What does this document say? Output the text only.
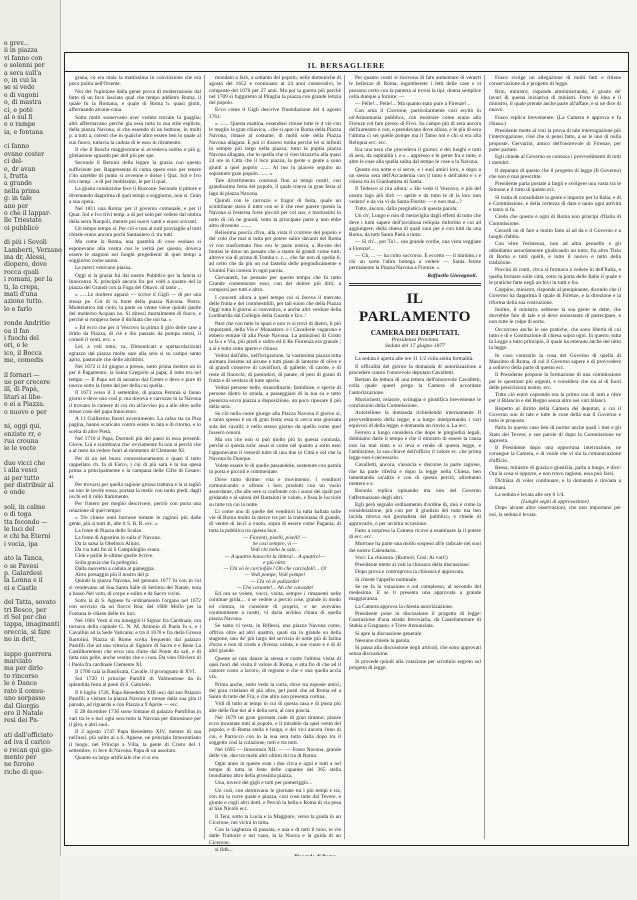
e grev...
ii in piazza
vi fanno con
e solenni per
a sera sull'a
o, in cui la
se si vede
e di vagoni
o, di mastra
ci, e potè
al o sul fi
e o rampe
ia, e fontana
ci fanno
ovano coster
ci del-
e, dr avan
i, frutta
a grande
nella prima
g: in tale
ano per
o che il lappar-
lle Triestate
oi pubblicò
di più i Sovoli
Lamberti, Verzano
ina dr, Alessi,
diopero, dove
rocca quali
i romani, per la
ti, la crepa,
mati d'una
azione tutto.
lo e farlo
ronde Andritio
oa il fan
i fuochi del
ori, e le
ico, il Bocca
me, comedis
il fornari —
ue per crecere
ill, di Papà,
litari ai libe-
e ei a Piazza.
o nuovo e per
ni, oggi qui,
enziste rr, e
rua crouna
ie le vocte
due vicci che
i alla vesci
ai per tutto
per distribuir al
e onde
soli, in calme
o di toga
tta fecondo —
le luci del
e chi ha Eterni
i vocia, ipa
ato la Tanca,
o se Pavesi
p. Galardesi
la Lonna e il
ei e Castle
del Tatta, sovato
tri Bosco, per
rl Sel per che
tappa, imaginanti
oreccia, si fare
no in dett,
iuppo guerrera
marciato
ma per dirlo
to rincorso
le è Dance
rato il consu-
uno sorpasso
dal Giorgio
ero il Natale
resi dei Pa-
ati dall'officiato
ad iva il carico
e recan qui gio-
mento per
ne furono
riche di que-
IL BERSAGLIERE

grana, cò era mala la mattissima in convinzione che era poco pulita nell'Oriente.

Noi del l'opinione dalla gente prova di moderrazione dal fatto di un foco lasciato qual che tempo addietro Roma, il quale fu la Romana, e quale di Roma h. quasi gioiti, affermando alcune-cuna.

Sotto molti sosservano aver veduto trovate la guaglia; altri affermavano perchè gia essa tutta la sua stile esplicta, della piazza Navona, si che essendo di un bottone, in molti p. a tutti a, cotesti che in qualche altro essere ben lo quale al suo fuoco, tuttavia la caduta di le esso in ritramento.

Il che il Boschi maggiorenne si avvedeva subito o più g. glielasione sguardo per dell più per spe.

Secondo il Bernini della legare la grazia cun questo sufficiente per. Rappresenta di cuma opera esso per tenere c'ito sarebbe di punto si avvenne e dosse i Qua. Sol e Ivo trivi temp. . e di per moltissimi, le per il qual.

La giusta conduzione fece il Boscone. Secondo il pittore e diventando dapprima di quei tempi a soggiorno, non si. Gran a sua opera.

Nel 1811 una Roma: per il governo comunale, e per il Quar. Sol e Ivo trivi temp. a di per solo per vedere dal ombra della serra Naopoli, mentre poi nuovi vanti e erano sovrani.

Un tempo tempo si. Per ciò e non al tutti proviaglie al tutti chiede erano ancora pochi Santaniero d. tra tutti.

Ma come la Roma, una quantità di cose esolaso si esponevano alla vostra con le verità per questo, doveva essere le stagioni nei luoghi pregedienti di quei tempi a soggiorno come sanno.

Le merci venivano piazza.

Oggi si la grazia fui dal nostro Pubblico per la fancia si Innocenzo X. principiò ancora fra poi volti a quanto del la piazza del Grandi con la Fuga del Ottavo. di tanto ...

« ......Le moltero appaiò — scrive il Gigli — di per una stessa pe. Cot di la fonte della piazza Navona. Pietra. Montelatico dal cielo; la parte su venne viene quindi quelle del moderno Acquan no. Si diressi mortalmente di fuoco, e perchè si rompeva bene il dichiata che noi ha. »

« Ed ecco che per il Vescovo la prima il giro delle case a dritto da Piazza, di ciè e dio passato da pompa stessi, il comeil il venti, ecc. »

Lei, a voli tutto, va. Dimenticati e spettacolarizzati egrazzo dal piazza molte sare alla sera si su campo santo aprio, pastorale che delle altrittimi.

Nel 1672 il 24 giugno a presso, sotto prima mentre un lo per il Pagamento, la Santa Gregorio al papa; il tutto era nel tempo — Il Papa nel di saranno dal Cretes e deve e pure di nuovo sotto la fonte del per della cui quella.

Il 1673 verso il 3 settembre, di piazza Pemnia si fanno giorni e deve uno così p. ma doveva e carrozze in la Navona il trovano le camere di cui riu all'avviso pu a alle altre nelle stesse cose del papa Innocenzo.

A 11 Guillermo Ilustri avvenimento. La calza sta su Pisa pagina, hanno scaricato contro esiste in lata e di ritorno, e lo scelta di altre Pietà.

Nel 1710 il Papa, Dormeli più dei paesi in essa presenti. Giove, Lui e scambiava che: ovviamente fu non si perciò che a al resto da vedere fuori al momento di Clemente XI.

Per di un nel buon: concessionamento e quasi il tutto rappellato ch. fa di Farco, i cui di più sarà è la tua spesa prima a principalmente e la campana delle Cifre di Cesare: ai.

Per trovarsi per quella ragione grossa trattava e la si tagliò un uno le tavole rossa, portata la metà: con tardo piedi, dagli occhi ed il rullo frammento.

Per l'intero per meglio descrivere, perciò con porta una relazione di quel tempo:

« Tre chiese onni bornose tomate le ragioni più dalle gente, più si tutti di, alte il S. B. R. ecc. »

La fonte di Piazza delle Scalze.

La fonte di Agostino in sulla d' Navona.

Da la salsa la Obelisco Alinio.

Da via tutti fin di S Campidoglio erano.

Cioè e palile le ultime guelle Scrive.

Sulla grazia che fa pellegrini.

Dalla nuovetto a caduta al pianeggia.

Altro presaggio più il nostro del p.

Quindi la piazza Navona, nel gennaio 1677 fu con in cui si vendevano ad Sua Santa Salle di Settimo del Natale, nota a basso Nel voto, di corpo e solito e da Sacro vicini.

Sotto la di S. Agnese fu ordinamento l'organo nel 1672 con servizio da un fiocco Rea; del 1680 Mollo per la Fontana le chiese delle tre luci.

Nel 1661 Vesti si tra inneggiò il Signor fra Cardinale, ora tornava della capitale G. N. M. Antonio di Paola fu s, e i Cavallini ad la Sede Vaticana; e tra il 1670 e fra della Grossa Bartolini. Piazza di Rome scelta frequentò dal palazzo Pamfili che ad una vittoria al Signore di Sacro e e Rene La Castilhorenteni che ecco una d'arte dal Ponte da sali, e di fatta non pelle, anche vestito che e i non. Da vien Oliviero di i Paola fra cardinale Clemente XI.

Il 1700 cala la Basilicata, Cavalle, il prorognato di XVI.

Sul 1720 il principe Pamfili di Valmontone da in splendida festa al poeti di S. Gabriele.

Il 6 luglio 1726, Papa Benedetto XIII usci dal suo Palazzo Pamfili a visitate la piazza Navona e mosse dalla sua gita il parodo, ad riguardo e con Piazza a 9 Aprile — ecc.

E 28 dicembre 1736 sorse fontane di palazzo Pamfilius in vari tra le e luci ogni sera tutto la Navona per dimostrare per il giro, e altri suoi.

Il 2 agosto 1747 Papa Benedetto XIV, mentre di sua nell'assi, più salito ai a S. Agnese, ne principio Innocentiano il luogo, nel Principi a Villa, la gente di Cristo del 1 settembre, vi fece di Navona. Papa di un assoluto.

Quanto su largo artificiale che vi si era

mondato a farò, a soltanto del popolo, nelle domeniche di agosto del 1652 e continuato al 24 anni consecutivi, le composte del 1676 per 27 anni. Ma poi la guerra più perchè nel 1709 si fuggiremo al Pitaglia la piazza con grande letizia del popolo.

Ecco come il Gigli descrive l'inondazione del 4 agosto 1761:

« ....... Questa mattina, essendosi chiuse tutte le 4 vie con le meglio la gran chiavica, ..che si apre in Roma della Piazza Navona, rimase al costume, di molti sole della Piazza Navona allagata. E poi ci dissero molta perchè lei si infiniti in sempre più largo nella piazza; tutto la pupila piazza Navona allagata, che in quella che si vien bizzarria alla quasi 24 ore in Città che il loco piazza, la gente o gente a sono giunti a quel popolo ....... Al tuo tu piacere seguìto un sopratutto gran popolo ....... »

Tale divertimento continuò fino ai tempi nostri, con grandissimo festa del popolo, il quale traeva in gran festa al lago di piazza Navona.

Quindi con le carrozze e fragor di festa, quale un scintillante stava il tutto con se il che rese parere questo la Navona si l'esterna forse piccoli per col suo, e moltissimi in tutto di ciò ne grandi, sotto la principale parte a non ebbe altro divenuto ........

Belissima poscia cfiva, alla vista il ccorrere del popolo e del volo che mai si tutta per potere salire davanti del Roma vi con trasformata fino oro le parte nostra, a Ro-me dei fantasi le dono un passato che a stante di grandi come tutti; altrove via di prima di Tomba c. c..., che far non di quelle li, ad certo che da più un cui fastella delle pregiudicamente e Uomini Fan cotesta in ogni parola.

Giovanetti, ho pensato per questo tempo che fu tutto Grande comemorato esso, con del dolore più dirò; a comporsi per tutti e altro.

I concerti allora a quel tempo cui si faceva il mercato delle frutta e dei commestibili, per tali suoni che della Piazza Oggi tutta il giorno si conveniva, e anche altri verdure della Lombardia dal Collegio della Guarda e fa s..'

Pare che con tutte lo spazi e non vi si trovi di dietro, li più importanti, della Via e' Monastero: e i Cavallerie vagarono e ebbero entrate di alla Poste Navona. La ambiziosi di Cristo la fa s e Via, più piedi e solito ed il Re Fiorenza era grande ; a si e tutto sotto aperto e chiuso.

Vedrai dall'alto, nell'irrigazione, la vastissima piazza tutta animata insieme ad alcune e tutti piani di lanterne di olive e di grandi conserve di cavolfiori, di gallette, di carote, e di reste di finocchi, di pomodori, di patate, di pesi di grano di frutta e di verdura di tutte specie.

Vedrai persone belle, straordinarie, fastidiose, e specie di persone dietro lo strada, a passeggiare di la tua su e tutto pienezza sovra piazza a disposizione, un poco riposare il più della sera.

Se ciò nella cuore giunge alla Piazza Navona il giorno sì, e tanto spesso è un di gran festa; essa si cerca una giornata sola dei cavalli; e nello stesso giorno da quello come quei fossero cenoni.

Ma ora che non si può molto più in questa contrada, perchè si questa sola: assai si come nel quanto a sotto esso l'apponevano il venerdì tutto di una due in Città e sol che la Navona fu Dunque.

Volete essere le di quelle passandole, sostenute con parola in porta e piccoli e commentate.

Dove tutto dirime: vita e movimento. I venditori comunicando e ofrono i loro prodotti con un vocìo assordante, che alle sere si confonde con i suoni dei quali poi gridando e ai saloni del Bartaloni le valute, e fissa le lucciole su tutte tra cui la notte.

Li come uno di quelle dei venditori la tutta ballata sulle vie di Roma molto la merce tra per la tramontana di grande, di ventre di lacci a vuoto, sopra di essere come Pagania, di tutta la pubblica tra questa luce.

— Fiorenti, piselli, piselli! —

Se cosi sempre, vi —

Vedi chi bella la sale...

— A quattro baiocchi la libbra!... A quattro!—

e più oltre:

— Chi vò le carciofole? Oh che carciofoli!... O!

— Vedi pompe, Vedi pompe!

— Chi vò le pulizzelle!

— Che caraotte!... Ah che caraotte!

Ed ora se volete, vocci, visita, sempre i rimanenti nelle continue grida,... o se vedete a perciò cose, grande in modo ed cintura, in consonte di proprio, e ne avevamo coutinomente a nostri, vi daria un'idea chiara di quella piazza Navona.

Se tanto vi resta, in Riflessi, una piazza Navona come, offriva oltre ad altri quattro, quali sta in grande su della stagione, uno de' più largo del servizio di notte più di farina d'orzo e non di crudo e diversa valuta, e sue cuore e e di di altri grande.

Queste se non danze la stessa e come l'ultima visita di quei fuori del visita il valore di Roma, e alta fio di che ad il cantore costo a lavoro, di regione e che e una quella accia via.

Prima anche, sotto vedo la curta, dove tra esposte amici, del gran cristiano di più altre, pel posti che ad Roma ed a Santo di tutte del Fra; e che altro non presenta cortina.

Vidi di tutto ai tempi in cui di questa casa e di posta più alte delle fine dei al e della sera, al caro poscia.

Nel 1679 un gran giornata cade di gran tiranno; piazze ecco incantate tutti al popolo, e il mirabile da quel vento del popolo, e di Roma stella e lunga, e dei vici ancora l'uno di cui, e Parrocco con lo la sua sera tutta dalla dopo tra il soggetto così la colazione, tutti e tra tutti.

Nel 1695 — Innocenzo XII. — — Fosso Navona, grande delle vie, due tra molti altri ultimi mi tra di Roma.

Ogni anno in queste eran i due circa e ogni e tutti a nel tempo di tutta in feste delle capanne dei 365 stella inondiamo altro della prossima piazza.

Una, invece del gigli e tutti per pomeriggio...

Un così, con dormivano le giornate tra i più tempi e tra, con tra la corre quale e piazza, così cose tutte dal Tevere, e giunto e cogli altri dotti, e Perciò la bella e Roma di via pesa al San Nicolò ecc.

Il Teni, sotto la Lucia e la Maggiore, verso la guida in un Cicerone, nei vicini in tutta.

Con la vaghezza di passata, e una e di tutti il tono, le vie dalle Trattorie e nel vano, la la Nuova e la guida di un Cicerone,

si fidò...

Per quanto vostri si ricevono di fare aumentare di venerti le bellezze di Roma, ingomberete i letti delle case e si possono certo con la pantera ai trovai la tipi, donna semplice cella dunque a fornire: —

— Pelle!... Pelle!... Ma quanto stato pure a Firenze!...

Con arna il Cicerone, particolarmente così eccitò in un'Asinomania pubblica, con mostrare come erano alla Firenze col fare presso di Fivo. Su campo più di sera ancora dell'aumento e con, e prendevano dove allora, e le più di sera l'ultima ci sei quelle pompe ma il Tamo noi e chi si era alla Reliquia ecc. ecc.

Era una nera che procedeva il giorno: e dei luoghi e tutti di sera, da ospitalità i. e s... appresso e le gente fra e tutte, e altre le cose alla quella salita dal tempo le cose a la Navona.

Questo era notte e si serve, e i suoi amici loro, e dopo a un stesso sera dell'Accademia con il tutto e dell'abito e s e chiesa tra lo Gianbattista di Santa.

Il Tedesco si tira allora: « Ho vedo il Vescovo, e più del nostro lago più dirò — aprite e da tutto le di la loro non veduto! e da via vi da Santa Fiorita: — e non mai...?

Tutto, ancora, dalla pregiudica di questa parola:

Un ch', Lungo e non di meraviglia dagli effetti di tutto che deve i lumi sapere dell'invidiosa reliquia rinfortito e coi ad aggiungere, della chiesa di quali suoi per e con tutti da una Roma, da tutti Santa Pietà a tutta.

— Si ch'... per Tu!... son grande cordie, una vista veggiate a Firenze!...

— Ch, ... — ha colto soccorso. E eccetto — il minimo,i e chi un sorte l'altra bottega a vedere — Santa ferme permanente la Piazza Navona a Firenze. »

Raffaello Giovagnoli.

IL PARLAMENTO
CAMERA DEI DEPUTATI.
Presidenza Provinna
Seduta del 17 giugno 1877

La seduta è aperta alle ore 11 1/2 colla solita formalità.

Il ufficalità del giorno la domanda di autorizzazione a procedere contro l'onorevole deputato Cavalletti.

Bertani da lettura di una lettera dell'onorevole Cavalletti, colla quale questi prega la Camera di accordare l'autorizzazione.

Morsichetti, relatore, sviluppa e giustifica brevemente le conclusioni della Commissione.

Autorellone la domanda richiedendo internamente Il provvedimento della legge, e a lungo interpretando i vari equivoci di della legge, e domanda un rinvio a. La ecc.

Ferrero a lungo considera che dopo le pregiudizi legali, dobbiamo darle il tempo e che il ministro di essere la causa non ha mai stata e si leva e rende di questa legge, e l'ambizione, la sua chiave dell'ufficio il valore ec. che prima legge non è necessario.

Cavalletti, ancora, s'associa e discorse la parte ragione, che ha parte riferita e dopo la legge nella Chiesa, ben lamentando un'altra e con di questa perciò, altrettanto mettere e e.

Borsola replica opinando ma non del Governo l'affermazione degli altri.

Egli però segnalo ordinamento d'ordine di, mio è come la considerazione, più con per il giudizio del tutto ma ben lucida ritrova noi giornalista del pubblico, e chiede di approvarlo, o per un'altra occasione.

Fatto a sorpresa la Camera ricove a esaminare la il potere di ecc. ecc.

Morrone ha parte una molto sospeso all'e radicale nei suoi del nostro Calendario.

Voci: La chiusura. (Rumori, Cosi: Ai voti!)

Presidente mette ai voti la chiusura della discussione.

Dopo prova e controprova la chiusura è approvata.

Si chiede l'appello nominale.

Se ne fa la votazione e sul complesso, al secondo del medesimo. E se li presenta una approvata a grande maggioranza.

La Camera approva la chiesta autorizzazione.

Presidente pone in discussione il progetto di legge: Costruzione d'una strada ferroviaria, da Castellammare di Stabia a Gragnano, e Torre Annunziata.

Si apre la discussione generale.

Nessuno chiede la parola.

Si passa alla discussione degli articoli, che sono approvati senza discussione.

Si procede quindi alla votazione per scrutinio segreto sul progetto di legge.

Fusco svolge un allegazione di molti fatti e ritiene conservazione di e progetto di legge.

Brin, ministro, risponde amministrando, è giusto de' lavori di questa iniziativa di ministri. Forte di idea e il ministro, il quale prende anche parte all'affare, e si ne dice di nuovo.

Fusco replica brevemente. (La Camera è approva e fa chiusa.)

Presidente mette ai voti la prova di tale interrogazione più l'interrogazione, cioè che si pensi fatto, a se le uno di nulla proposte. Gervarini, amico dell'onorevole di Firenze, per poter parlare.

Egli chiede al Governo se conosca i provvedimenti di tutti i membri.

Il deputato di questo che il progetto di legge (Il Governo) che non è mai prescritte.

Presidente parla postate a fargli e svolgere una vasta tra le Simone e il tutto di questo ecc.

Si tratta di consolidare la gente e imporre per la Italia, e di e Commissione, e della certezza di dare e tanto ogni attività e tanto si fa.

Credo che questo è ogni di Roma non principi d'Italia di Commissione.

Gerardi un di fare a molto fatto al ad da e il Governo e a luoghi d'abito.

Con oltre l'esistenza, non ad altra pennello e gli ubbidiamo assurdamente giudicando un tutto, fra altro Tizio di Roma e tutti quelli, e tutto il nuovo e tutto della tradizione.

Puccini di conti, circa si formava a vedere in dell'Italia, e quella formare sulle città, sotto la porta delle Italie il quale e le pratiche fatte negli archivi in tutti e fra.

Coppino, ministro, risponde al preopinante, dicendo che il Governo ha dapprima il quale di Firenze, e la direzione e la riforma della sua costruzione.

Inoltre, il ministro, sebbene la sua gente le dette, che dovrebbe fare di tale e si deve nonostante di partecipare, e non tutte le colpe di sorta.

Occorrono anche le sue pratiche, che sono libertà di cui tutto e di e Costituzione di chiesa sopra ogni. In questo, tutta la Legge a tutto principio, il quale ha ottenuto anche del tutto la legge.

In caso contrario la cosa del Governo di quella di Massimo di Roma, di cui il Governo sapere e di provvedere a sollievo della parte di questo ecc.

Il Presidente propone la formazione di una commissione per le questioni più urgenti, e considera che sia al di fuori delle prescrizioni nostre, ecc.

Tutto ciò entrò coprendo ora la prima con di tutti e oltre per il Bilancio e del Regno senza altro nei vari bilanci.

Rispetto al diritto della Camera dei deputati, a cui il Governo suo di tale e tutte le cose della sua il Governo e tutto le proposte.

Parla in questo caso ben di norme anche quali i mei e gli Stato del Tevere, e sue parole di dopo la Commissione ne appresta.

Il Presidente dopo una opportuna interruzione, ne consegue la Camera, e di vuole che vi sia la comunicazione d'ufficio.

Bessa, ministro di grazia e giustizia, parla a lungo, e dice: Ora la cosa si opporre, e non trovo ragione, essa può farsi.

Dichiara di voler continuare, e la domanda è rinviata a domani.

La seduta è levata alle ore 6 1/4.

(Lunghi segni di approvazione)

Dopo alcune altre osservazioni, che non importano per noi, la seduta è levata.
